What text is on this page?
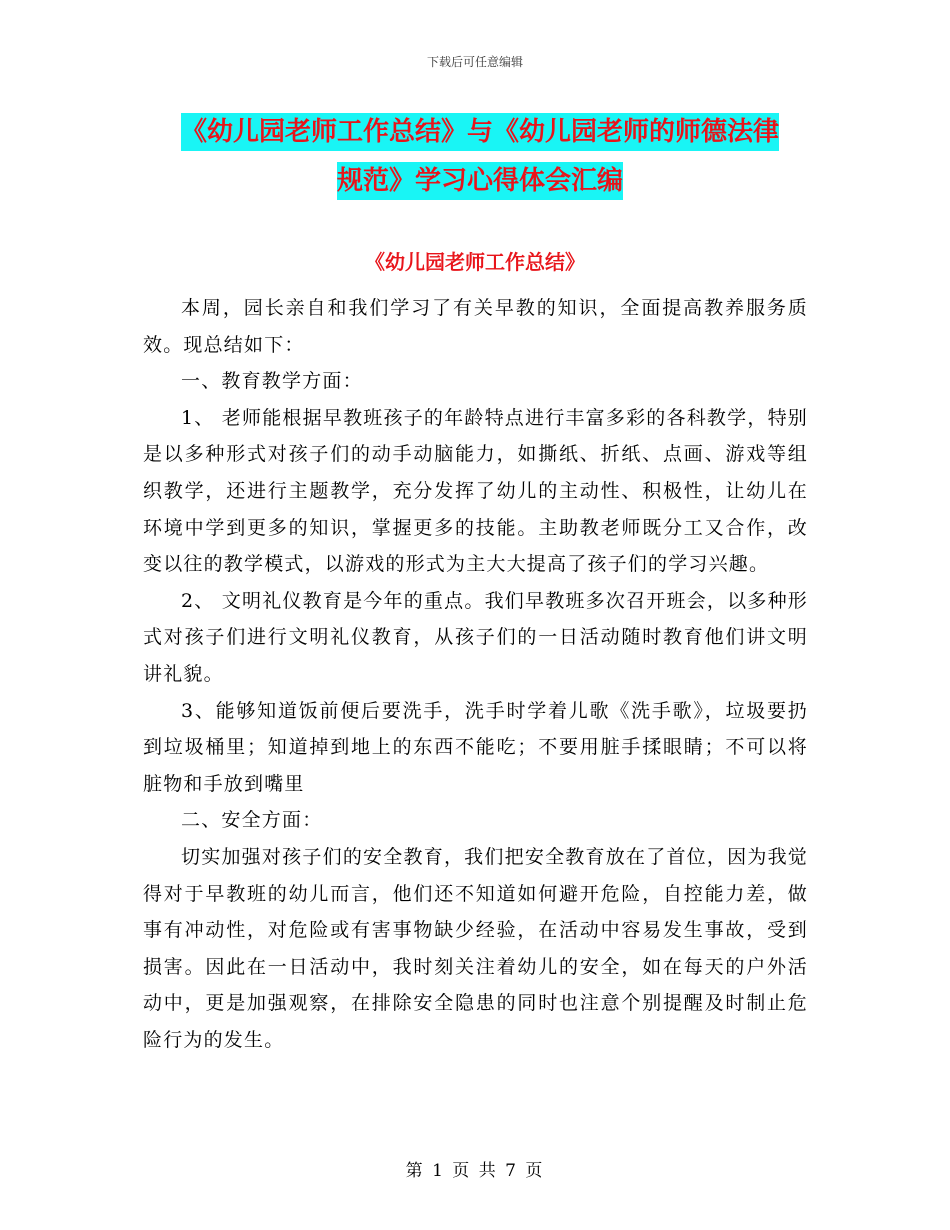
下载后可任意编辑
《幼儿园老师工作总结》与《幼儿园老师的师德法律
规范》学习心得体会汇编
《幼儿园老师工作总结》

本周，园长亲自和我们学习了有关早教的知识，全面提高教养服务质效。现总结如下：

一、教育教学方面：

1、 老师能根据早教班孩子的年龄特点进行丰富多彩的各科教学，特别是以多种形式对孩子们的动手动脑能力，如撕纸、折纸、点画、游戏等组织教学，还进行主题教学，充分发挥了幼儿的主动性、积极性，让幼儿在环境中学到更多的知识，掌握更多的技能。主助教老师既分工又合作，改变以往的教学模式，以游戏的形式为主大大提高了孩子们的学习兴趣。

2、 文明礼仪教育是今年的重点。我们早教班多次召开班会，以多种形式对孩子们进行文明礼仪教育，从孩子们的一日活动随时教育他们讲文明讲礼貌。

3、能够知道饭前便后要洗手，洗手时学着儿歌《洗手歌》，垃圾要扔到垃圾桶里；知道掉到地上的东西不能吃；不要用脏手揉眼睛；不可以将脏物和手放到嘴里

二、安全方面：

切实加强对孩子们的安全教育，我们把安全教育放在了首位，因为我觉得对于早教班的幼儿而言，他们还不知道如何避开危险，自控能力差，做事有冲动性，对危险或有害事物缺少经验，在活动中容易发生事故，受到损害。因此在一日活动中，我时刻关注着幼儿的安全，如在每天的户外活动中，更是加强观察，在排除安全隐患的同时也注意个别提醒及时制止危险行为的发生。

第 1 页 共 7 页
